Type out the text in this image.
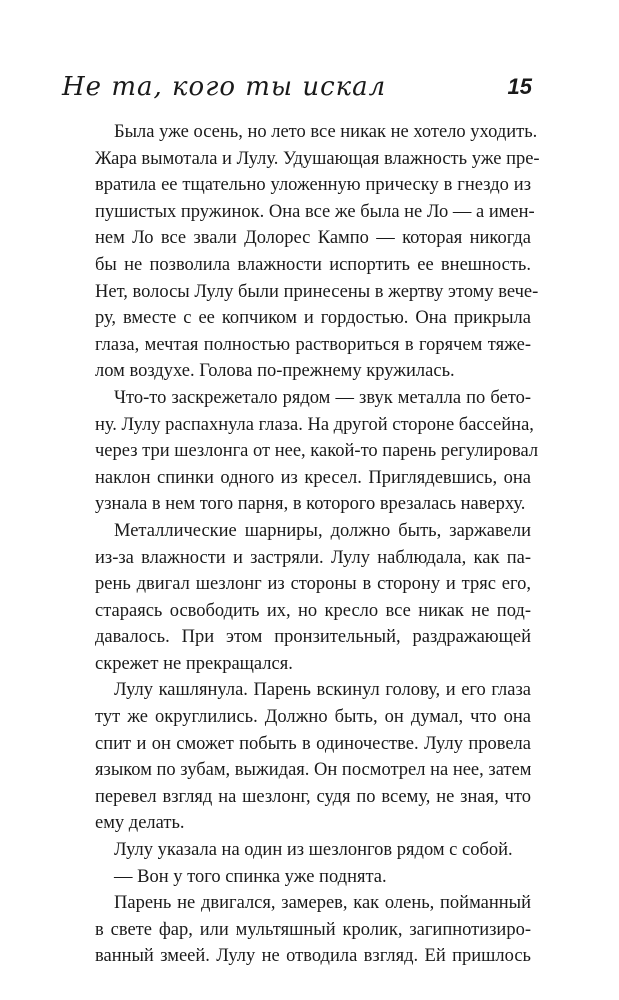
Не та, кого ты искал	15

Была уже осень, но лето все никак не хотело уходить.
Жара вымотала и Лулу. Удушающая влажность уже пре-
вратила ее тщательно уложенную прическу в гнездо из
пушистых пружинок. Она все же была не Ло — а имен-
нем Ло все звали Долорес Кампо — которая никогда
бы не позволила влажности испортить ее внешность.
Нет, волосы Лулу были принесены в жертву этому вече-
ру, вместе с ее копчиком и гордостью. Она прикрыла
глаза, мечтая полностью раствориться в горячем тяже-
лом воздухе. Голова по-прежнему кружилась.

Что-то заскрежетало рядом — звук металла по бето-
ну. Лулу распахнула глаза. На другой стороне бассейна,
через три шезлонга от нее, какой-то парень регулировал
наклон спинки одного из кресел. Приглядевшись, она
узнала в нем того парня, в которого врезалась наверху.

Металлические шарниры, должно быть, заржавели
из-за влажности и застряли. Лулу наблюдала, как па-
рень двигал шезлонг из стороны в сторону и тряс его,
стараясь освободить их, но кресло все никак не под-
давалось. При этом пронзительный, раздражающей
скрежет не прекращался.

Лулу кашлянула. Парень вскинул голову, и его глаза
тут же округлились. Должно быть, он думал, что она
спит и он сможет побыть в одиночестве. Лулу провела
языком по зубам, выжидая. Он посмотрел на нее, затем
перевел взгляд на шезлонг, судя по всему, не зная, что
ему делать.

Лулу указала на один из шезлонгов рядом с собой.

— Вон у того спинка уже поднята.

Парень не двигался, замерев, как олень, пойманный
в свете фар, или мультяшный кролик, загипнотизиро-
ванный змеей. Лулу не отводила взгляд. Ей пришлось
